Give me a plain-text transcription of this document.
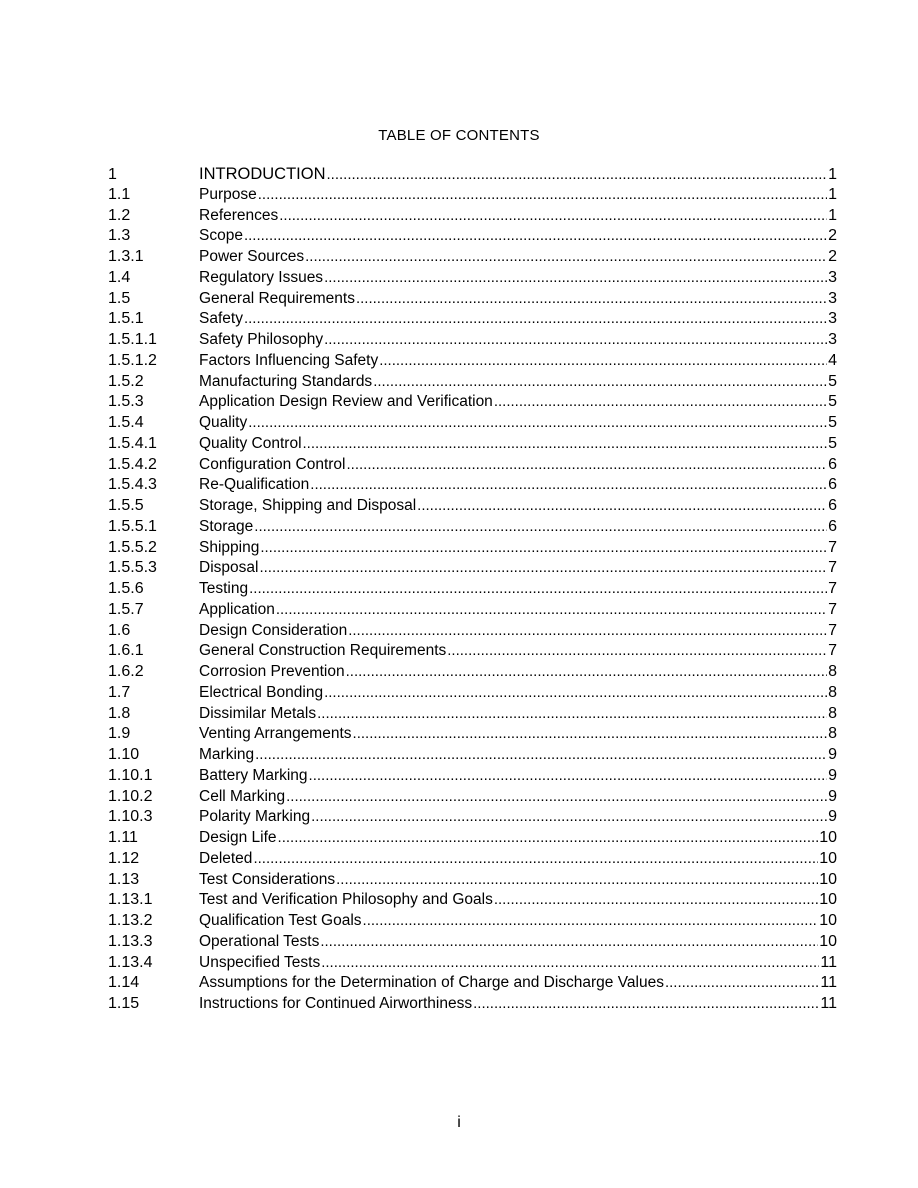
TABLE OF CONTENTS
1	INTRODUCTION .....	1
1.1	Purpose .....	1
1.2	References .....	1
1.3	Scope .....	2
1.3.1	Power Sources .....	2
1.4	Regulatory Issues .....	3
1.5	General Requirements .....	3
1.5.1	Safety .....	3
1.5.1.1	Safety Philosophy .....	3
1.5.1.2	Factors Influencing Safety .....	4
1.5.2	Manufacturing Standards .....	5
1.5.3	Application Design Review and Verification .....	5
1.5.4	Quality .....	5
1.5.4.1	Quality Control .....	5
1.5.4.2	Configuration Control .....	6
1.5.4.3	Re-Qualification .....	6
1.5.5	Storage, Shipping and Disposal .....	6
1.5.5.1	Storage .....	6
1.5.5.2	Shipping .....	7
1.5.5.3	Disposal .....	7
1.5.6	Testing .....	7
1.5.7	Application .....	7
1.6	Design Consideration .....	7
1.6.1	General Construction Requirements .....	7
1.6.2	Corrosion Prevention .....	8
1.7	Electrical Bonding .....	8
1.8	Dissimilar Metals .....	8
1.9	Venting Arrangements .....	8
1.10	Marking .....	9
1.10.1	Battery Marking .....	9
1.10.2	Cell Marking .....	9
1.10.3	Polarity Marking .....	9
1.11	Design Life .....	10
1.12	Deleted .....	10
1.13	Test Considerations .....	10
1.13.1	Test and Verification Philosophy and Goals .....	10
1.13.2	Qualification Test Goals .....	10
1.13.3	Operational Tests .....	10
1.13.4	Unspecified Tests .....	11
1.14	Assumptions for the Determination of Charge and Discharge Values .....	11
1.15	Instructions for Continued Airworthiness .....	11
i
